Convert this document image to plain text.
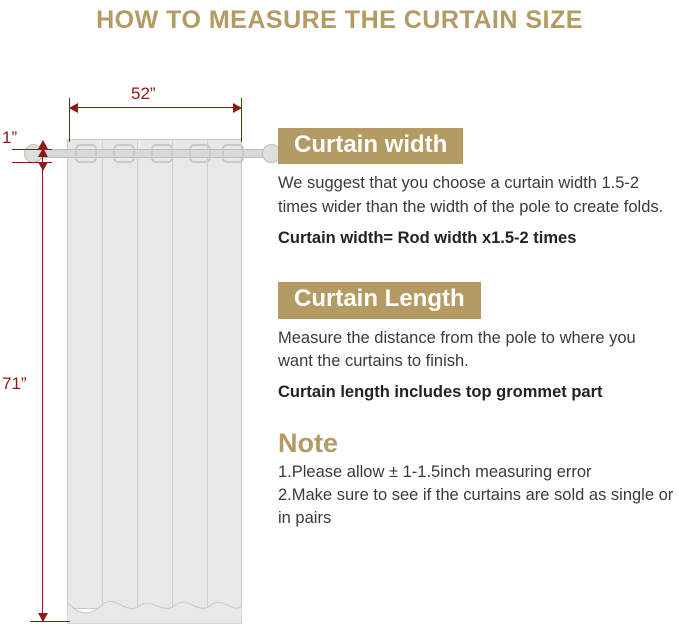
HOW TO MEASURE THE CURTAIN SIZE
52”
1”
71”
Curtain width

We suggest that you choose a curtain width 1.5-2 times wider than the width of the pole to create folds.

Curtain width= Rod width x1.5-2 times

Curtain Length

Measure the distance from the pole to where you want the curtains to finish.

Curtain length includes top grommet part

Note

1.Please allow ± 1-1.5inch measuring error

2.Make sure to see if the curtains are sold as single or in pairs
